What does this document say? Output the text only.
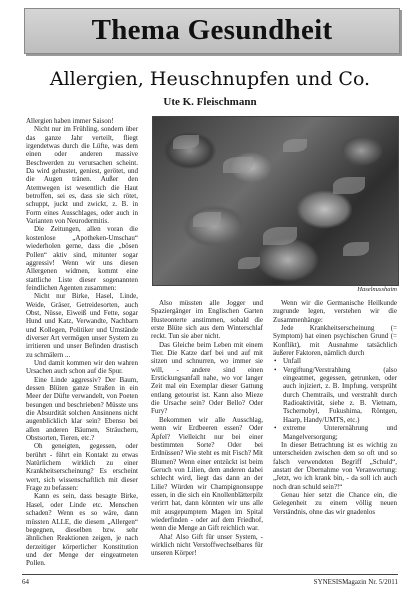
Thema Gesundheit
Allergien, Heuschnupfen und Co.
Ute K. Fleischmann
Haselnusshaim

Allergien haben immer Saison!

Nicht nur im Frühling, sondern über das ganze Jahr verteilt, fliegt irgendetwas durch die Lüfte, was dem einen oder anderen massive Beschwerden zu verursachen scheint. Da wird gehustet, geniest, gerötet, und die Augen tränen. Außer den Atemwegen ist wesentlich die Haut betroffen, sei es, dass sie sich rötet, schuppt, juckt und zwickt, z. B. in Form eines Ausschlages, oder auch in Varianten von Neurodermitis.

Die Zeitungen, allen voran die kostenlose „Apotheken-Umschau“ wiederholen gerne, dass die „bösen Pollen“ aktiv sind, mitunter sogar aggressiv! Wenn wir uns diesen Allergenen widmen, kommt eine stattliche Liste dieser sogenannten feindlichen Agenten zusammen:

Nicht nur Birke, Hasel, Linde, Weide, Gräser, Getreidesorten, auch Obst, Nüsse, Eiweiß und Fette, sogar Hund und Katz, Verwandte, Nachbarn und Kollegen, Politiker und Umstände diverser Art vermögen unser System zu irritieren und unser Befinden drastisch zu schmälern ...

Und damit kommen wir den wahren Ursachen auch schon auf die Spur.

Eine Linde aggressiv? Der Baum, dessen Blüten ganze Straßen in ein Meer der Düfte verwandelt, von Poeten besungen und beschrieben? Müsste uns die Absurdität solchen Ansinnens nicht augenblicklich klar sein? Ebenso bei allen anderen Bäumen, Sträuchern, Obstsorten, Tieren, etc.?

Oh geneigten, gegessen, oder berührt - führt ein Kontakt zu etwas Natürlichem wirklich zu einer Krankheitserscheinung? Es erscheint wert, sich wissenschaftlich mit dieser Frage zu befassen:

Kann es sein, dass besagte Birke, Hasel, oder Linde etc. Menschen schaden? Wenn es so wäre, dann müssten ALLE, die diesem „Allergen“ begegnen, dieselben bzw. sehr ähnlichen Reaktionen zeigen, je nach derzeitiger körperlicher Konstitution und der Menge der eingeatmeten Pollen.

Also müssten alle Jogger und Spaziergänger im Englischen Garten Husteonterte anstimmen, sobald die erste Blüte sich aus dem Winterschlaf reckt. Tun sie aber nicht.

Das Gleiche beim Leben mit einem Tier. Die Katze darf bei und auf mit sitzen und schnurren, wo immer sie will, - andere sind einen Erstickungsanfall nahe, wo vor langer Zeit mal ein Exemplar dieser Gattung entlang getourist ist. Kann also Mieze die Ursache sein? Oder Bello? Oder Fury?

Bekommen wir alle Ausschlag, wenn wir Erdbeeren essen? Oder Äpfel? Vielleicht nur bei einer bestimmten Sorte? Oder bei Erdnüssen? Wie steht es mit Fisch? Mit Blumen? Wenn einer entzückt ist beim Geruch von Lilien, dem anderen dabei schlecht wird, liegt das dann an der Lilie? Würden wir Champignonsuppe essen, in die sich ein Knollenblätterpilz verirrt hat, dann könnten wir uns alle mit ausgepumptem Magen im Spital wiederfinden - oder auf dem Friedhof, wenn die Menge an Gift reichlich war.

Aha! Also Gift für unser System, - wirklich nicht Verstoffwechselbares für unseren Körper!

Wenn wir die Germanische Heilkunde zugrunde legen, verstehen wir die Zusammenhänge:

Jede Krankheitserscheinung (= Symptom) hat einen psychischen Grund (= Konflikt), mit Ausnahme tatsächlich äußerer Faktoren, nämlich durch

• Unfall
• Vergiftung/Verstrahlung (also eingeatmet, gegessen, getrunken, oder auch injiziert, z. B. Impfung, versprüht durch Chemtrails, und verstrahlt durch Radioaktivität, siehe z. B. Vietnam, Tschernobyl, Fukushima, Röntgen, Haarp, Handy/UMTS, etc.)
• extreme Unterernährung und Mangelversorgung;

In dieser Betrachtung ist es wichtig zu unterscheiden zwischen dem so oft und so falsch verwendeten Begriff „Schuld“, anstatt der Übernahme von Veranwortung: „Jetzt, wo ich krank bin, - da soll ich auch noch dran schuld sein?!“

Genau hier setzt die Chance ein, die Gelegenheit zu einem völlig neuen Verständnis, ohne das wir gnadenlos

64	SYNESISMagazin Nr. 5/2011
